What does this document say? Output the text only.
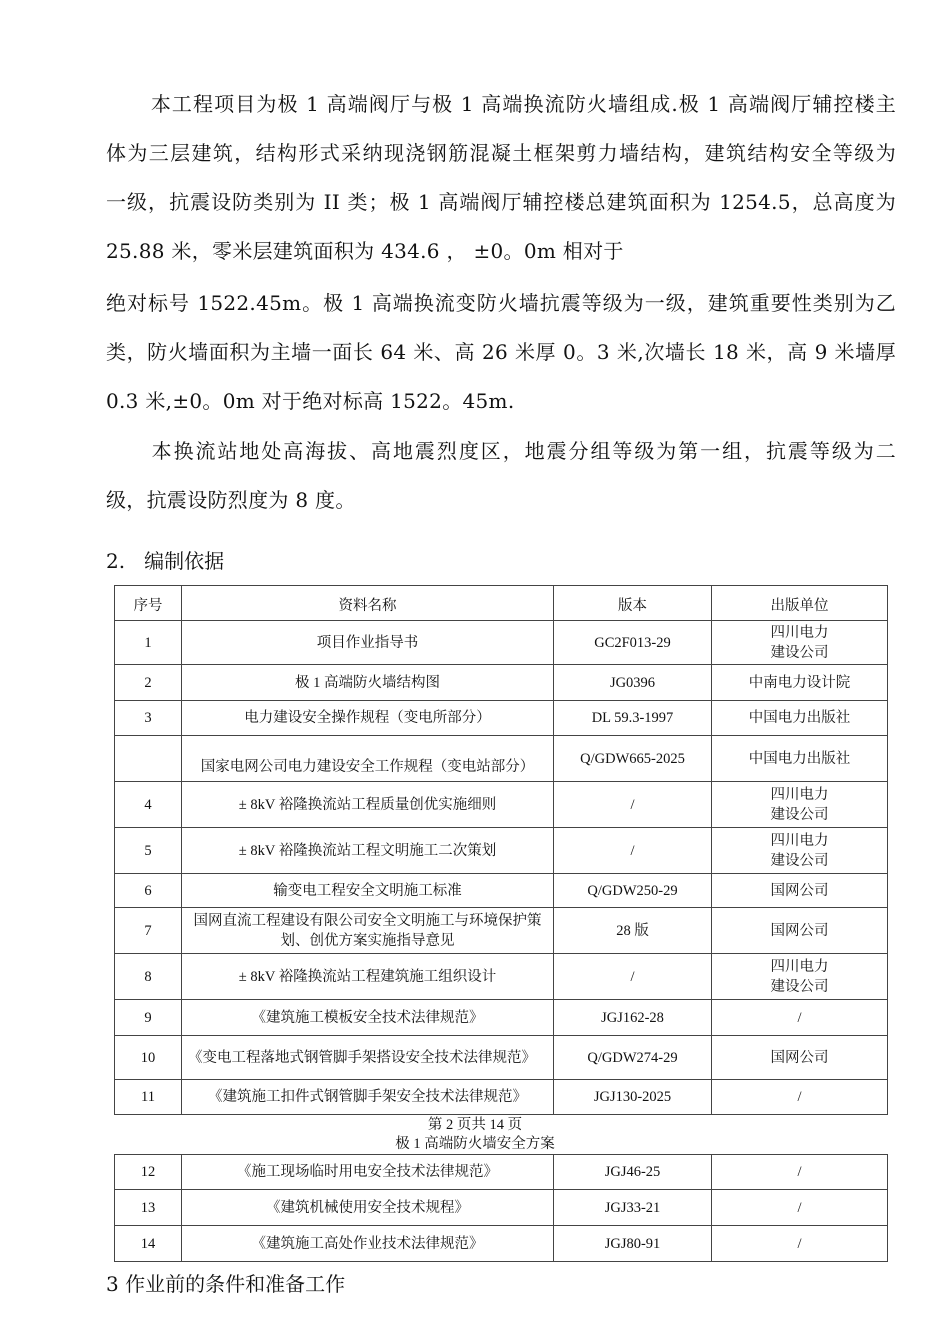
本工程项目为极 1 高端阀厅与极 1 高端换流防火墙组成.极 1 高端阀厅辅控楼主
体为三层建筑，结构形式采纳现浇钢筋混凝土框架剪力墙结构，建筑结构安全等级为
一级，抗震设防类别为 II 类；极 1 高端阀厅辅控楼总建筑面积为 1254.5，总高度为
25.88 米，零米层建筑面积为 434.6 ， ±0。0m 相对于
绝对标号 1522.45m。极 1 高端换流变防火墙抗震等级为一级，建筑重要性类别为乙
类，防火墙面积为主墙一面长 64 米、高 26 米厚 0。3 米,次墙长 18 米，高 9 米墙厚
0.3 米,±0。0m 对于绝对标高 1522。45m.
本换流站地处高海拔、高地震烈度区，地震分组等级为第一组，抗震等级为二
级，抗震设防烈度为 8 度。
2. 编制依据
序号	资料名称	版本	出版单位
1	项目作业指导书	GC2F013-29	四川电力
建设公司

2	极 1 高端防火墙结构图	JG0396	中南电力设计院
3	电力建设安全操作规程（变电所部分）	DL 59.3-1997	中国电力出版社
	国家电网公司电力建设安全工作规程（变电站部分）	Q/GDW665-2025	中国电力出版社
4	± 8kV 裕隆换流站工程质量创优实施细则	/	四川电力
建设公司

5	± 8kV 裕隆换流站工程文明施工二次策划	/	四川电力
建设公司

6	输变电工程安全文明施工标准	Q/GDW250-29	国网公司
7	国网直流工程建设有限公司安全文明施工与环境保护策划、创优方案实施指导意见	28 版	国网公司
8	± 8kV 裕隆换流站工程建筑施工组织设计	/	四川电力
建设公司

9	《建筑施工模板安全技术法律规范》	JGJ162-28	/
10	《变电工程落地式钢管脚手架搭设安全技术法律规范》	Q/GDW274-29	国网公司
11	《建筑施工扣件式钢管脚手架安全技术法律规范》	JGJ130-2025	/
第 2 页共 14 页
极 1 高端防火墙安全方案
12	《施工现场临时用电安全技术法律规范》	JGJ46-25	/
13	《建筑机械使用安全技术规程》	JGJ33-21	/
14	《建筑施工高处作业技术法律规范》	JGJ80-91	/
3 作业前的条件和准备工作
